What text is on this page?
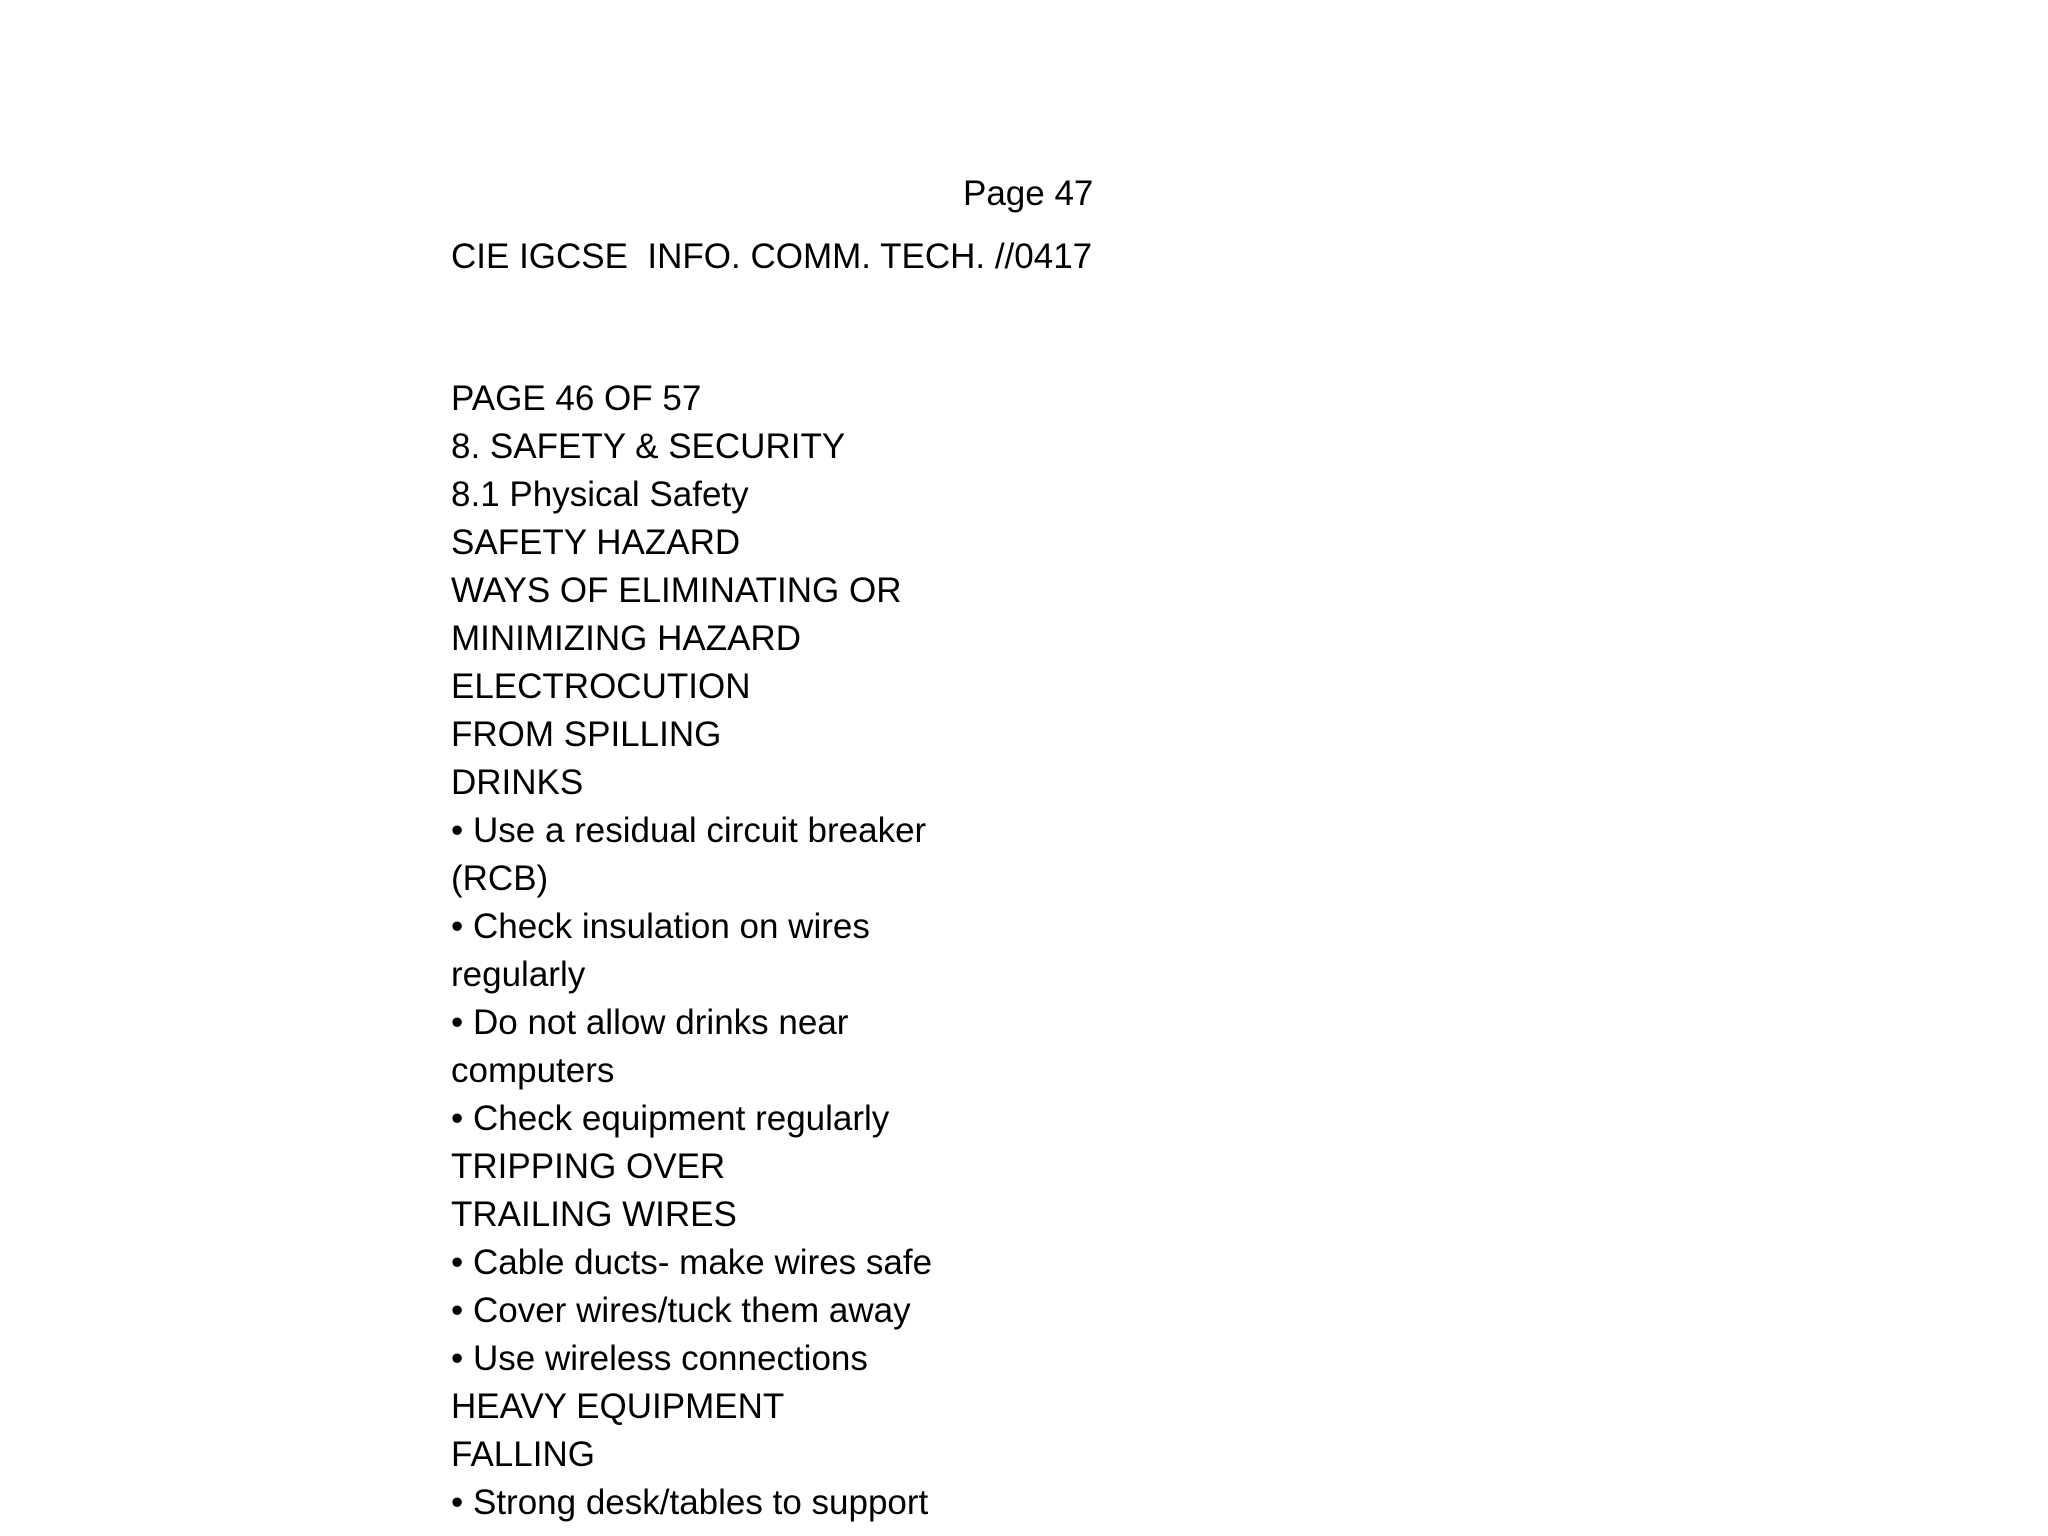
Page 47
CIE IGCSE  INFO. COMM. TECH. //0417
PAGE 46 OF 57
8. SAFETY & SECURITY
8.1 Physical Safety
SAFETY HAZARD
WAYS OF ELIMINATING OR
MINIMIZING HAZARD
ELECTROCUTION
FROM SPILLING
DRINKS
• Use a residual circuit breaker
(RCB)
• Check insulation on wires
regularly
• Do not allow drinks near
computers
• Check equipment regularly
TRIPPING OVER
TRAILING WIRES
• Cable ducts- make wires safe
• Cover wires/tuck them away
• Use wireless connections
HEAVY EQUIPMENT
FALLING
• Strong desk/tables to support
